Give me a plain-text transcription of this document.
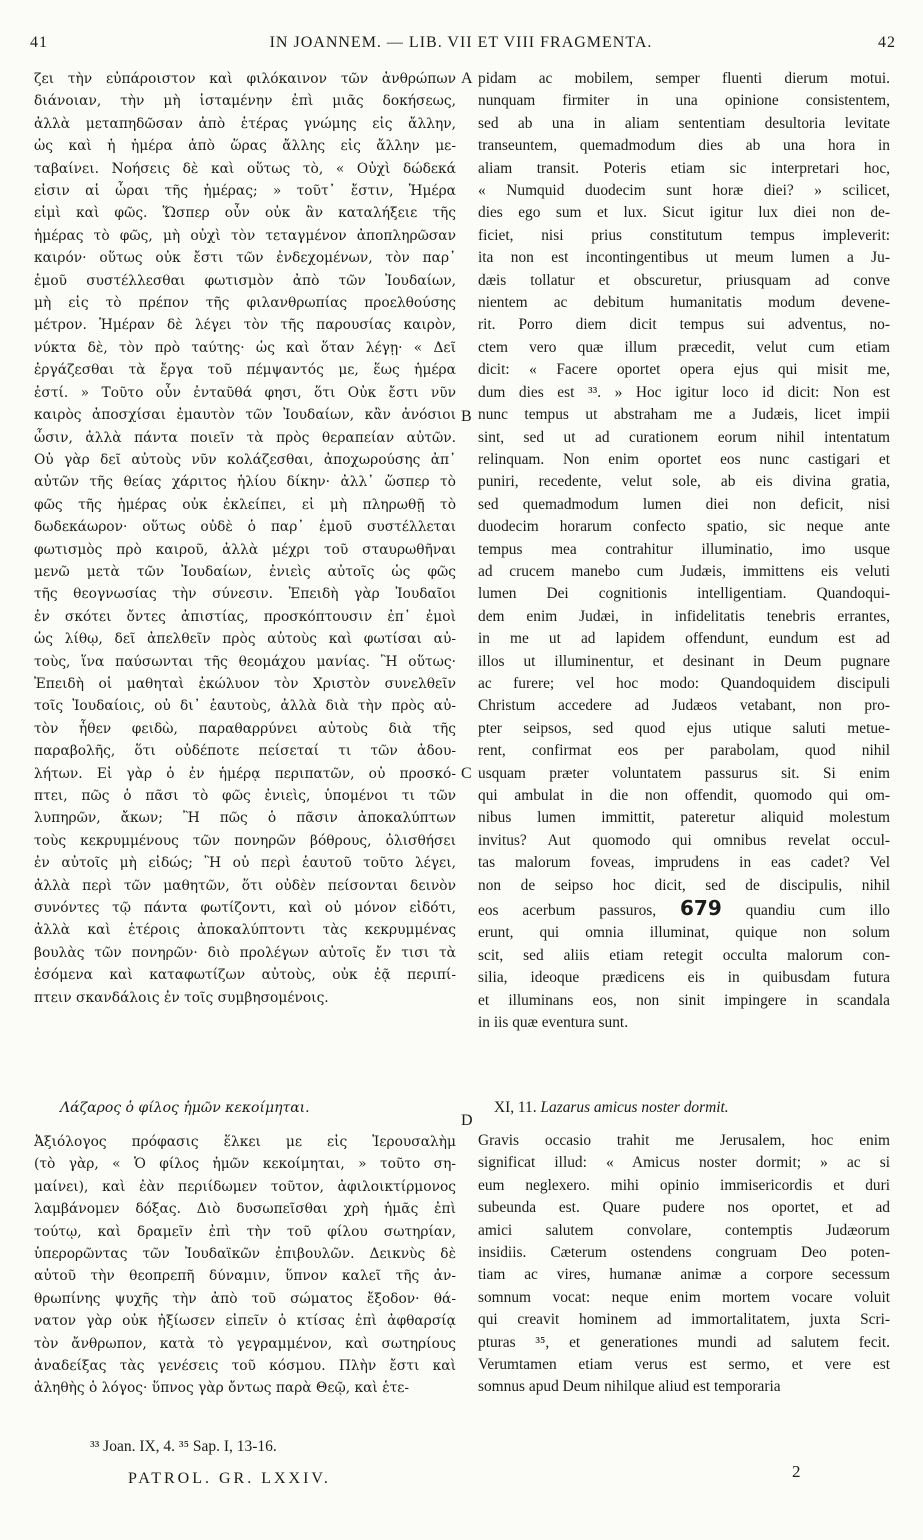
41	IN JOANNEM. — LIB. VII ET VIII FRAGMENTA.	42
ζει τὴν εὐπάροιστον καὶ φιλόκαινον τῶν ἀνθρώπων
διάνοιαν, τὴν μὴ ἱσταμένην ἐπὶ μιᾶς δοκήσεως,
ἀλλὰ μεταπηδῶσαν ἀπὸ ἑτέρας γνώμης εἰς ἄλλην,
ὡς καὶ ἡ ἡμέρα ἀπὸ ὥρας ἄλλης εἰς ἄλλην με-
ταβαίνει. Νοήσεις δὲ καὶ οὕτως τὸ, « Οὐχὶ δώδεκά
εἰσιν αἱ ὧραι τῆς ἡμέρας; » τοῦτ᾽ ἔστιν, Ἡμέρα
εἰμὶ καὶ φῶς. Ὥσπερ οὖν οὐκ ἂν καταλήξειε τῆς
ἡμέρας τὸ φῶς, μὴ οὐχὶ τὸν τεταγμένον ἀποπληρῶσαν
καιρόν· οὕτως οὐκ ἔστι τῶν ἐνδεχομένων, τὸν παρ᾽
ἐμοῦ συστέλλεσθαι φωτισμὸν ἀπὸ τῶν Ἰουδαίων,
μὴ εἰς τὸ πρέπον τῆς φιλανθρωπίας προελθούσης
μέτρον. Ἡμέραν δὲ λέγει τὸν τῆς παρουσίας καιρὸν,
νύκτα δὲ, τὸν πρὸ ταύτης· ὡς καὶ ὅταν λέγῃ· « Δεῖ
ἐργάζεσθαι τὰ ἔργα τοῦ πέμψαντός με, ἕως ἡμέρα
ἐστί. » Τοῦτο οὖν ἐνταῦθά φησι, ὅτι Οὐκ ἔστι νῦν
καιρὸς ἀποσχίσαι ἐμαυτὸν τῶν Ἰουδαίων, κἂν ἀνόσιοι
ὦσιν, ἀλλὰ πάντα ποιεῖν τὰ πρὸς θεραπείαν αὐτῶν.
Οὐ γὰρ δεῖ αὐτοὺς νῦν κολάζεσθαι, ἀποχωρούσης ἀπ᾽
αὐτῶν τῆς θείας χάριτος ἡλίου δίκην· ἀλλ᾽ ὥσπερ τὸ
φῶς τῆς ἡμέρας οὐκ ἐκλείπει, εἰ μὴ πληρωθῇ τὸ
δωδεκάωρον· οὕτως οὐδὲ ὁ παρ᾽ ἐμοῦ συστέλλεται
φωτισμὸς πρὸ καιροῦ, ἀλλὰ μέχρι τοῦ σταυρωθῆναι
μενῶ μετὰ τῶν Ἰουδαίων, ἐνιεὶς αὐτοῖς ὡς φῶς
τῆς θεογνωσίας τὴν σύνεσιν. Ἐπειδὴ γὰρ Ἰουδαῖοι
ἐν σκότει ὄντες ἀπιστίας, προσκόπτουσιν ἐπ᾽ ἐμοὶ
ὡς λίθῳ, δεῖ ἀπελθεῖν πρὸς αὐτοὺς καὶ φωτίσαι αὐ-
τοὺς, ἵνα παύσωνται τῆς θεομάχου μανίας. Ἢ οὕτως·
Ἐπειδὴ οἱ μαθηταὶ ἐκώλυον τὸν Χριστὸν συνελθεῖν
τοῖς Ἰουδαίοις, οὐ δι᾽ ἑαυτοὺς, ἀλλὰ διὰ τὴν πρὸς αὐ-
τὸν ἦθεν φειδὼ, παραθαρρύνει αὐτοὺς διὰ τῆς
παραβολῆς, ὅτι οὐδέποτε πείσεταί τι τῶν ἀδου-
λήτων. Εἰ γὰρ ὁ ἐν ἡμέρᾳ περιπατῶν, οὐ προσκό-
πτει, πῶς ὁ πᾶσι τὸ φῶς ἐνιεὶς, ὑπομένοι τι τῶν
λυπηρῶν, ἄκων; Ἢ πῶς ὁ πᾶσιν ἀποκαλύπτων
τοὺς κεκρυμμένους τῶν πονηρῶν βόθρους, ὀλισθήσει
ἐν αὐτοῖς μὴ εἰδώς; Ἢ οὐ περὶ ἑαυτοῦ τοῦτο λέγει,
ἀλλὰ περὶ τῶν μαθητῶν, ὅτι οὐδὲν πείσονται δεινὸν
συνόντες τῷ πάντα φωτίζοντι, καὶ οὐ μόνον εἰδότι,
ἀλλὰ καὶ ἑτέροις ἀποκαλύπτοντι τὰς κεκρυμμένας
βουλὰς τῶν πονηρῶν· διὸ προλέγων αὐτοῖς ἔν τισι τὰ
ἐσόμενα καὶ καταφωτίζων αὐτοὺς, οὐκ ἐᾷ περιπί-
πτειν σκανδάλοις ἐν τοῖς συμβησομένοις.
pidam ac mobilem, semper fluenti dierum motui.
nunquam firmiter in una opinione consistentem,
sed ab una in aliam sententiam desultoria levitate
transeuntem, quemadmodum dies ab una hora in
aliam transit. Poteris etiam sic interpretari hoc,
« Numquid duodecim sunt horæ diei? » scilicet,
dies ego sum et lux. Sicut igitur lux diei non de-
ficiet, nisi prius constitutum tempus impleverit:
ita non est incontingentibus ut meum lumen a Ju-
dæis tollatur et obscuretur, priusquam ad conve
nientem ac debitum humanitatis modum devene-
rit. Porro diem dicit tempus sui adventus, no-
ctem vero quæ illum præcedit, velut cum etiam
dicit: « Facere oportet opera ejus qui misit me,
dum dies est ³³. » Hoc igitur loco id dicit: Non est
nunc tempus ut abstraham me a Judæis, licet impii
sint, sed ut ad curationem eorum nihil intentatum
relinquam. Non enim oportet eos nunc castigari et
puniri, recedente, velut sole, ab eis divina gratia,
sed quemadmodum lumen diei non deficit, nisi
duodecim horarum confecto spatio, sic neque ante
tempus mea contrahitur illuminatio, imo usque
ad crucem manebo cum Judæis, immittens eis veluti
lumen Dei cognitionis intelligentiam. Quandoqui-
dem enim Judæi, in infidelitatis tenebris errantes,
in me ut ad lapidem offendunt, eundum est ad
illos ut illuminentur, et desinant in Deum pugnare
ac furere; vel hoc modo: Quandoquidem discipuli
Christum accedere ad Judæos vetabant, non pro-
pter seipsos, sed quod ejus utique saluti metue-
rent, confirmat eos per parabolam, quod nihil
usquam præter voluntatem passurus sit. Si enim
qui ambulat in die non offendit, quomodo qui om-
nibus lumen immittit, pateretur aliquid molestum
invitus? Aut quomodo qui omnibus revelat occul-
tas malorum foveas, imprudens in eas cadet? Vel
non de seipso hoc dicit, sed de discipulis, nihil
eos acerbum passuros, 679 quandiu cum illo
erunt, qui omnia illuminat, quique non solum
scit, sed aliis etiam retegit occulta malorum con-
silia, ideoque prædicens eis in quibusdam futura
et illuminans eos, non sinit impingere in scandala
in iis quæ eventura sunt.
A
B
C
D
Λάζαρος ὁ φίλος ἡμῶν κεκοίμηται.	XI, 11. Lazarus amicus noster dormit.
Ἀξιόλογος πρόφασις ἕλκει με εἰς Ἱερουσαλὴμ
(τὸ γὰρ, « Ὁ φίλος ἡμῶν κεκοίμηται, » τοῦτο ση-
μαίνει), καὶ ἐὰν περιίδωμεν τοῦτον, ἀφιλοικτίρμονος
λαμβάνομεν δόξας. Διὸ δυσωπεῖσθαι χρὴ ἡμᾶς ἐπὶ
τούτῳ, καὶ δραμεῖν ἐπὶ τὴν τοῦ φίλου σωτηρίαν,
ὑπερορῶντας τῶν Ἰουδαϊκῶν ἐπιβουλῶν. Δεικνὺς δὲ
αὐτοῦ τὴν θεοπρεπῆ δύναμιν, ὕπνον καλεῖ τῆς ἀν-
θρωπίνης ψυχῆς τὴν ἀπὸ τοῦ σώματος ἔξοδον· θά-
νατον γὰρ οὐκ ἠξίωσεν εἰπεῖν ὁ κτίσας ἐπὶ ἀφθαρσίᾳ
τὸν ἄνθρωπον, κατὰ τὸ γεγραμμένον, καὶ σωτηρίους
ἀναδείξας τὰς γενέσεις τοῦ κόσμου. Πλὴν ἔστι καὶ
ἀληθὴς ὁ λόγος· ὕπνος γὰρ ὄντως παρὰ Θεῷ, καὶ ἑτε-
Gravis occasio trahit me Jerusalem, hoc enim
significat illud: « Amicus noster dormit; » ac si
eum neglexero. mihi opinio immisericordis et duri
subeunda est. Quare pudere nos oportet, et ad
amici salutem convolare, contemptis Judæorum
insidiis. Cæterum ostendens congruam Deo poten-
tiam ac vires, humanæ animæ a corpore secessum
somnum vocat: neque enim mortem vocare voluit
qui creavit hominem ad immortalitatem, juxta Scri-
pturas ³⁵, et generationes mundi ad salutem fecit.
Verumtamen etiam verus est sermo, et vere est
somnus apud Deum nihilque aliud est temporaria
³³ Joan. IX, 4. ³⁵ Sap. I, 13-16.
PATROL. GR. LXXIV.	2
